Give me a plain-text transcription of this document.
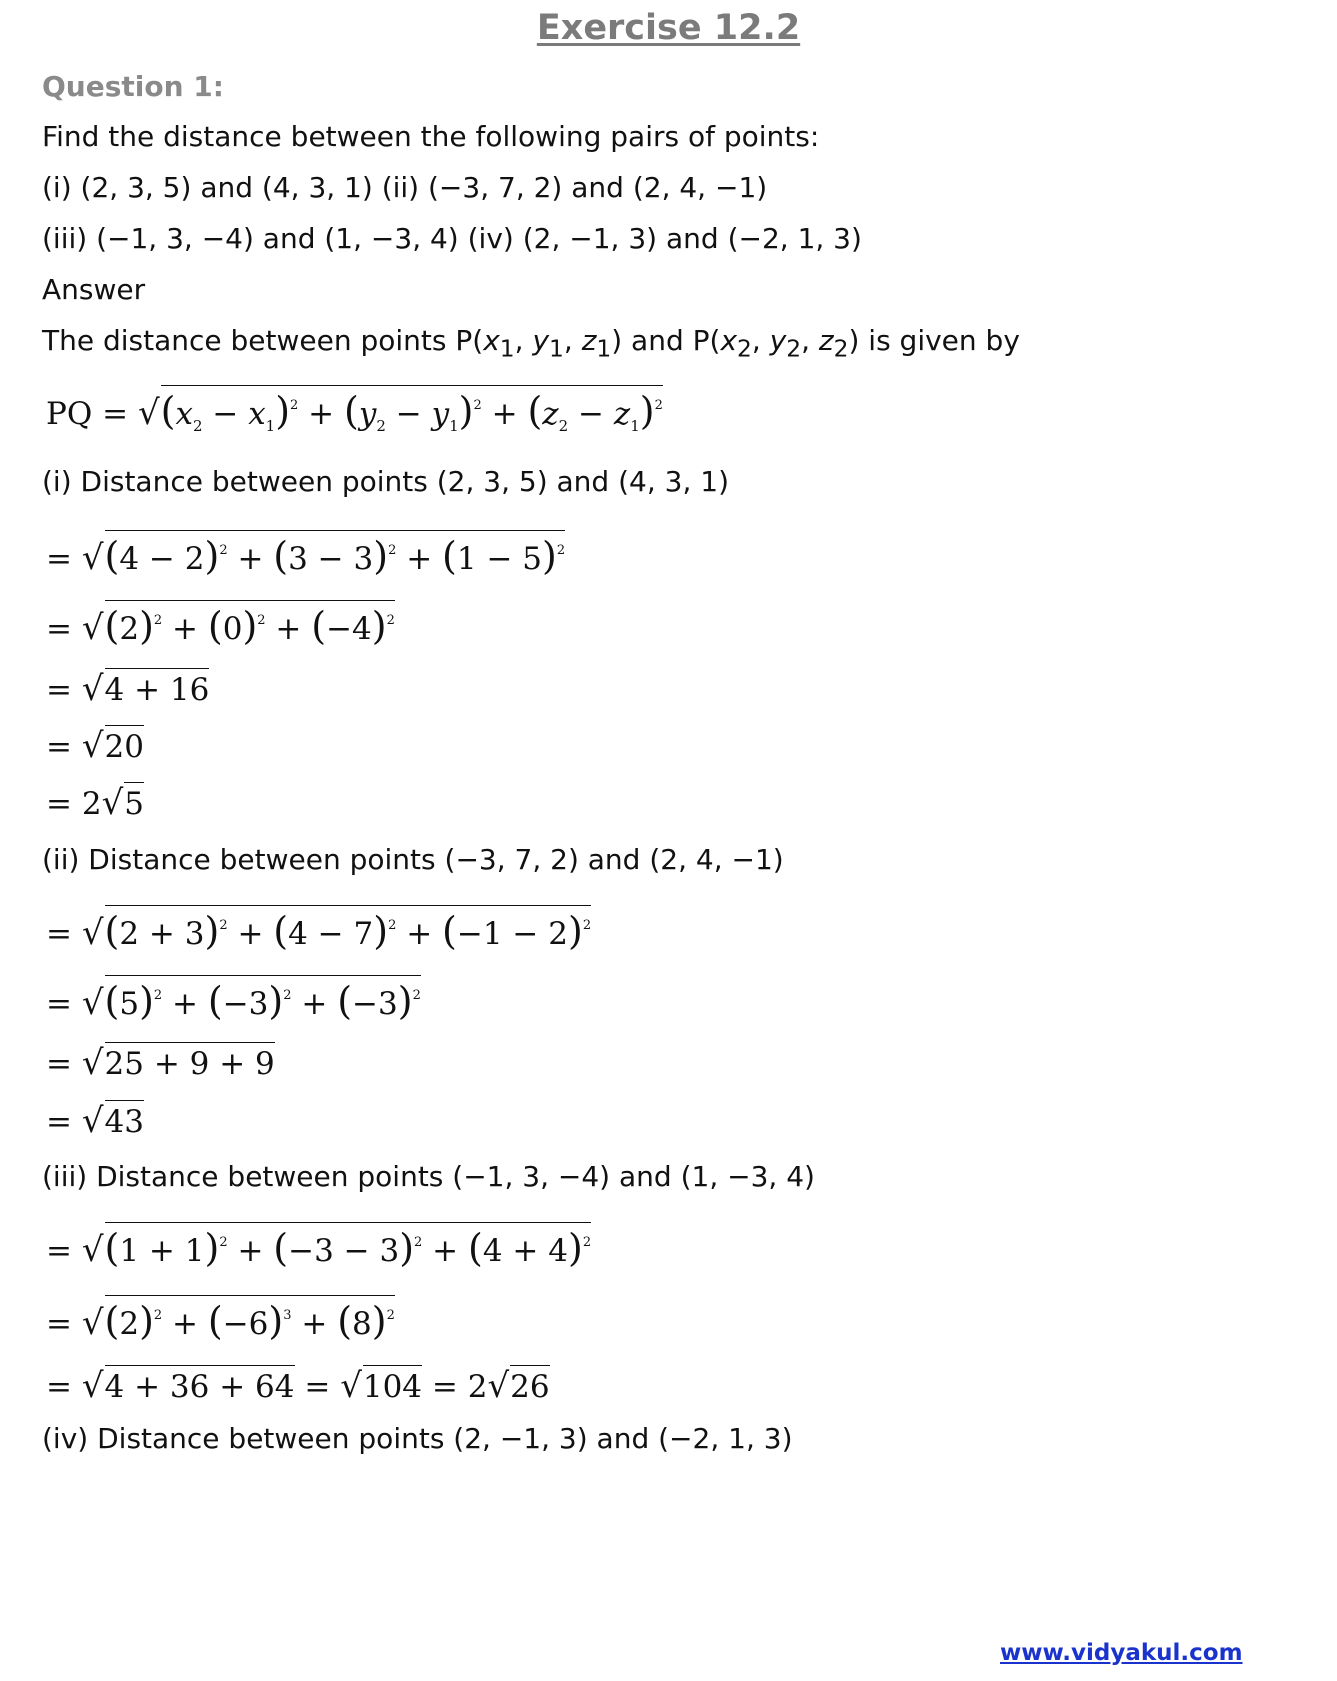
Exercise 12.2
Question 1:
Find the distance between the following pairs of points:
(i) (2, 3, 5) and (4, 3, 1) (ii) (−3, 7, 2) and (2, 4, −1)
(iii) (−1, 3, −4) and (1, −3, 4) (iv) (2, −1, 3) and (−2, 1, 3)
Answer
The distance between points $P(x_1$, $y_1$, $z_1$) and $P(x_2$, $y_2$, $z_2$) is given by
PQ = $√(x_2 - x_1)^2 + (y_2 - y_1)^2 + (z_2 - z_1)^2$
(i) Distance between points (2, 3, 5) and (4, 3, 1)
= $√(4 - 2)^2 + (3 - 3)^2 + (1 - 5)^2$
= $√(2)^2 + (0)^2 + (-4)^2$
= √4 + 16
= √20
= 2√5
(ii) Distance between points (−3, 7, 2) and (2, 4, −1)
= $√(2 + 3)^2 + (4 - 7)^2 + (-1 - 2)^2$
= $√(5)^2 + (-3)^2 + (-3)^2$
= √25 + 9 + 9
= √43
(iii) Distance between points (−1, 3, −4) and (1, −3, 4)
= $√(1 + 1)^2 + (-3 - 3)^2 + (4 + 4)^2$
= $√(2)^2 + (-6)^3 + (8)^2$
= √4 + 36 + 64 = √104 = 2√26
(iv) Distance between points (2, −1, 3) and (−2, 1, 3)
www.vidyakul.com
